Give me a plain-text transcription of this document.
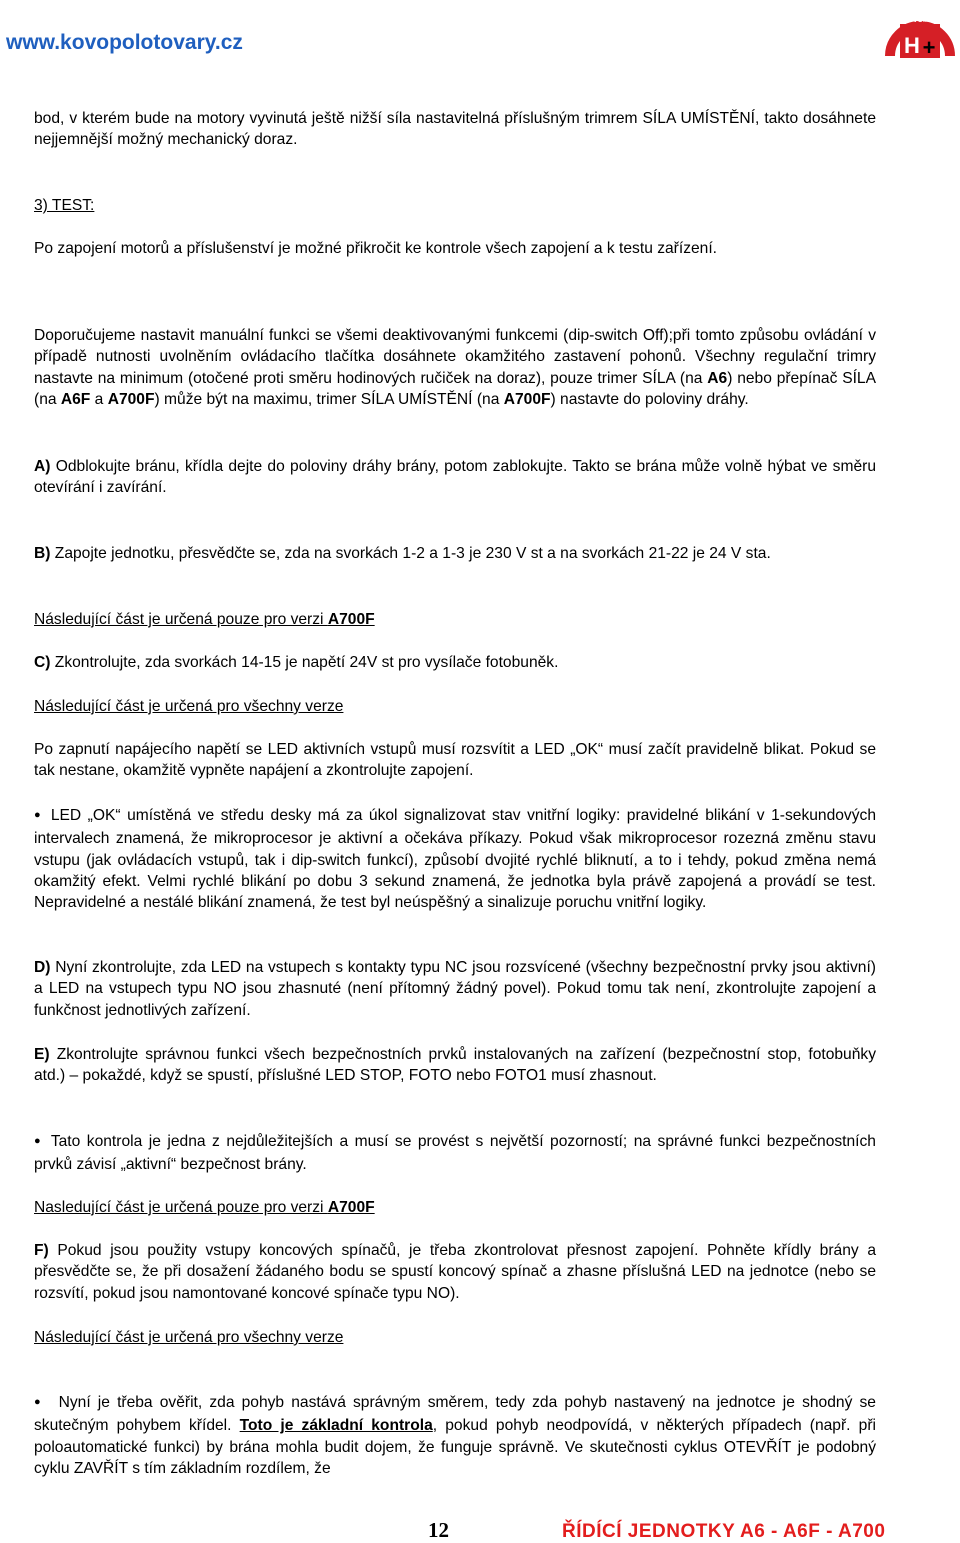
www.kovopolotovary.cz
KOVOMAT
H +
bod, v kterém bude na motory vyvinutá ještě nižší síla nastavitelná příslušným trimrem SÍLA UMÍSTĚNÍ, takto dosáhnete nejjemnější možný mechanický doraz.
3) TEST:
Po zapojení motorů a příslušenství je možné přikročit ke kontrole všech zapojení a k testu zařízení.
Doporučujeme nastavit manuální funkci se všemi deaktivovanými funkcemi (dip-switch Off);při tomto způsobu ovládání v případě nutnosti uvolněním ovládacího tlačítka dosáhnete okamžitého zastavení pohonů. Všechny regulační trimry nastavte na minimum (otočené proti směru hodinových ručiček na doraz), pouze trimer SÍLA (na A6) nebo přepínač SÍLA (na A6F a A700F) může být na maximu, trimer SÍLA UMÍSTĚNÍ (na A700F) nastavte do poloviny dráhy.
A) Odblokujte bránu, křídla dejte do poloviny dráhy brány, potom zablokujte. Takto se brána může volně hýbat ve směru otevírání i zavírání.
B) Zapojte jednotku, přesvědčte se, zda na svorkách 1-2 a 1-3 je 230 V st a na svorkách 21-22 je 24 V sta.
Následující část je určená pouze pro verzi A700F
C) Zkontrolujte, zda svorkách 14-15 je napětí 24V st pro vysílače fotobuněk.
Následující část je určená pro všechny verze
Po zapnutí napájecího napětí se LED aktivních vstupů musí rozsvítit a LED „OK“ musí začít pravidelně blikat. Pokud se tak nestane, okamžitě vypněte napájení a zkontrolujte zapojení.
● LED „OK“ umístěná ve středu desky má za úkol signalizovat stav vnitřní logiky: pravidelné blikání v 1-sekundových intervalech znamená, že mikroprocesor je aktivní a očekáva příkazy. Pokud však mikroprocesor rozezná změnu stavu vstupu (jak ovládacích vstupů, tak i dip-switch funkcí), způsobí dvojité rychlé bliknutí, a to i tehdy, pokud změna nemá okamžitý efekt. Velmi rychlé blikání po dobu 3 sekund znamená, že jednotka byla právě zapojená a provádí se test. Nepravidelné a nestálé blikání znamená, že test byl neúspěšný a sinalizuje poruchu vnitřní logiky.
D) Nyní zkontrolujte, zda LED na vstupech s kontakty typu NC jsou rozsvícené (všechny bezpečnostní prvky jsou aktivní) a LED na vstupech typu NO jsou zhasnuté (není přítomný žádný povel). Pokud tomu tak není, zkontrolujte zapojení a funkčnost jednotlivých zařízení.
E) Zkontrolujte správnou funkci všech bezpečnostních prvků instalovaných na zařízení (bezpečnostní stop, fotobuňky atd.) – pokaždé, když se spustí, příslušné LED STOP, FOTO nebo FOTO1 musí zhasnout.
● Tato kontrola je jedna z nejdůležitejších a musí se provést s největší pozorností; na správné funkci bezpečnostních prvků závisí „aktivní“ bezpečnost brány.
Nasledující část je určená pouze pro verzi A700F
F) Pokud jsou použity vstupy koncových spínačů, je třeba zkontrolovat přesnost zapojení. Pohněte křídly brány a přesvědčte se, že při dosažení žádaného bodu se spustí koncový spínač a zhasne příslušná LED na jednotce (nebo se rozsvítí, pokud jsou namontované koncové spínače typu NO).
Následující část je určená pro všechny verze
● Nyní je třeba ověřit, zda pohyb nastává správným směrem, tedy zda pohyb nastavený na jednotce je shodný se skutečným pohybem křídel. Toto je základní kontrola, pokud pohyb neodpovídá, v některých případech (např. při poloautomatické funkci) by brána mohla budit dojem, že funguje správně. Ve skutečnosti cyklus OTEVŘÍT je podobný cyklu ZAVŘÍT s tím základním rozdílem, že
12	ŘÍDÍCÍ JEDNOTKY A6 - A6F - A700
